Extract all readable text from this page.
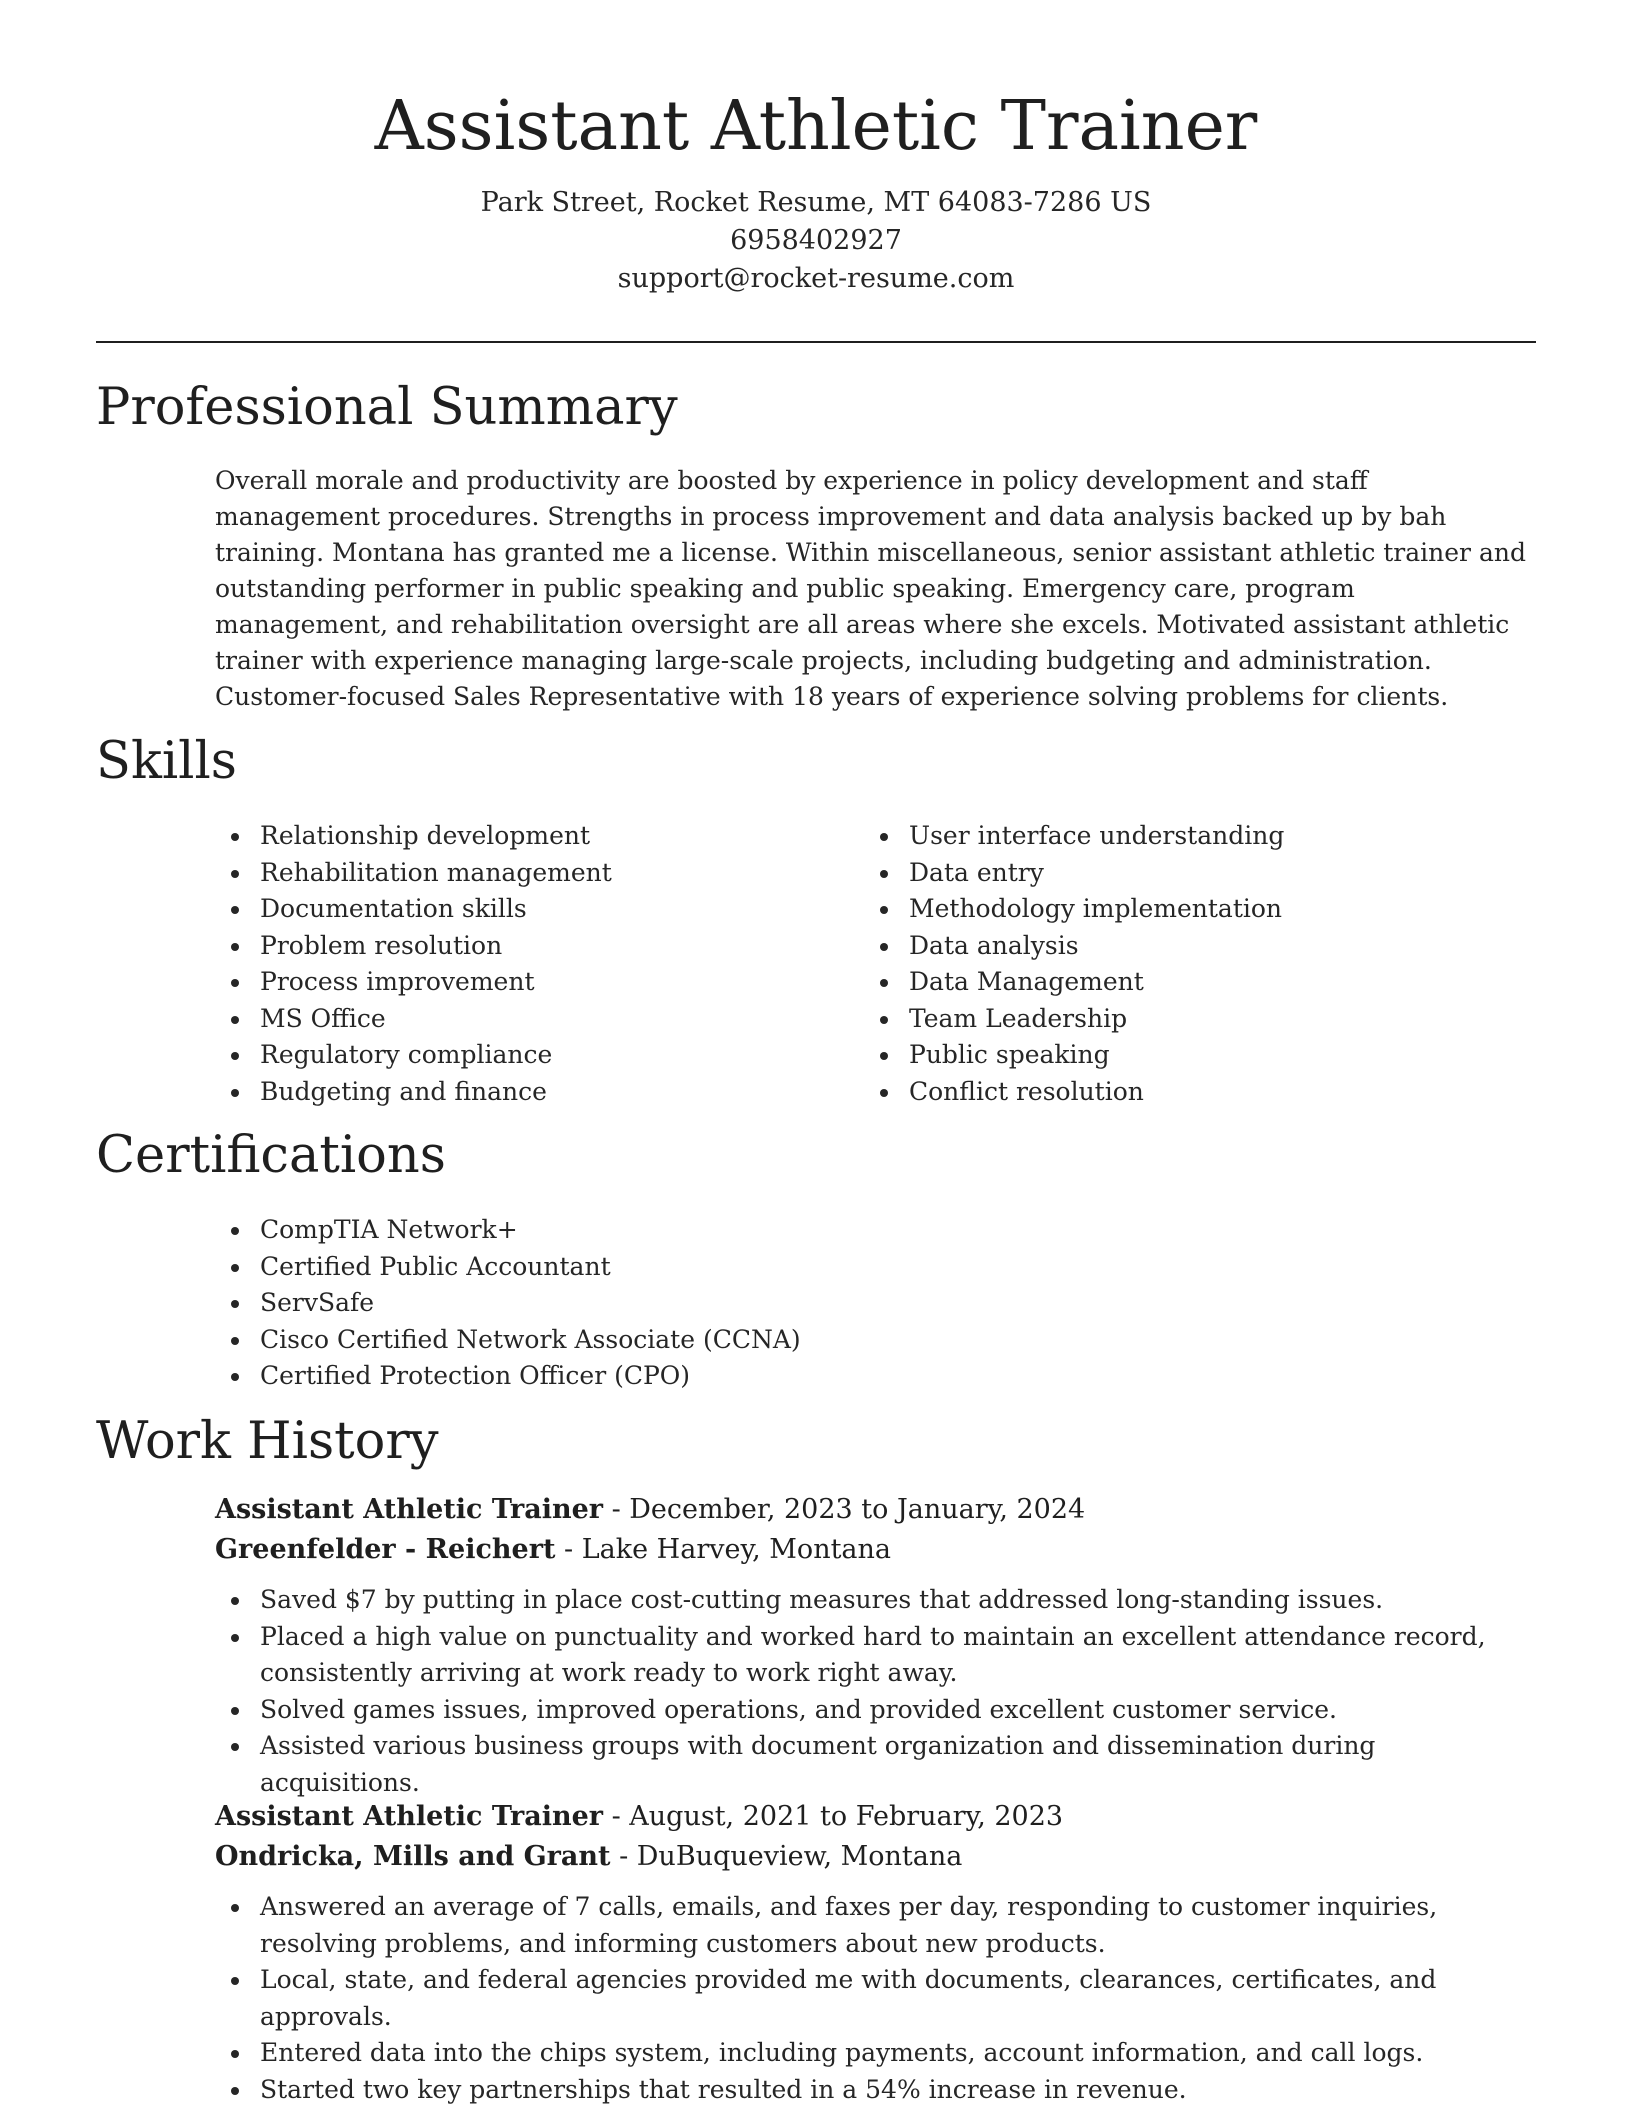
Assistant Athletic Trainer
Park Street, Rocket Resume, MT 64083-7286 US
6958402927
support@rocket-resume.com
Professional Summary

Overall morale and productivity are boosted by experience in policy development and staff management procedures. Strengths in process improvement and data analysis backed up by bah training. Montana has granted me a license. Within miscellaneous, senior assistant athletic trainer and outstanding performer in public speaking and public speaking. Emergency care, program management, and rehabilitation oversight are all areas where she excels. Motivated assistant athletic trainer with experience managing large-scale projects, including budgeting and administration. Customer-focused Sales Representative with 18 years of experience solving problems for clients.

Skills
Relationship development
Rehabilitation management
Documentation skills
Problem resolution
Process improvement
MS Office
Regulatory compliance
Budgeting and finance
User interface understanding
Data entry
Methodology implementation
Data analysis
Data Management
Team Leadership
Public speaking
Conflict resolution
Certifications
CompTIA Network+
Certified Public Accountant
ServSafe
Cisco Certified Network Associate (CCNA)
Certified Protection Officer (CPO)
Work History
Assistant Athletic Trainer - December, 2023 to January, 2024
Greenfelder - Reichert - Lake Harvey, Montana
Saved $7 by putting in place cost-cutting measures that addressed long-standing issues.
Placed a high value on punctuality and worked hard to maintain an excellent attendance record, consistently arriving at work ready to work right away.
Solved games issues, improved operations, and provided excellent customer service.
Assisted various business groups with document organization and dissemination during acquisitions.
Assistant Athletic Trainer - August, 2021 to February, 2023
Ondricka, Mills and Grant - DuBuqueview, Montana
Answered an average of 7 calls, emails, and faxes per day, responding to customer inquiries, resolving problems, and informing customers about new products.
Local, state, and federal agencies provided me with documents, clearances, certificates, and approvals.
Entered data into the chips system, including payments, account information, and call logs.
Started two key partnerships that resulted in a 54% increase in revenue.
